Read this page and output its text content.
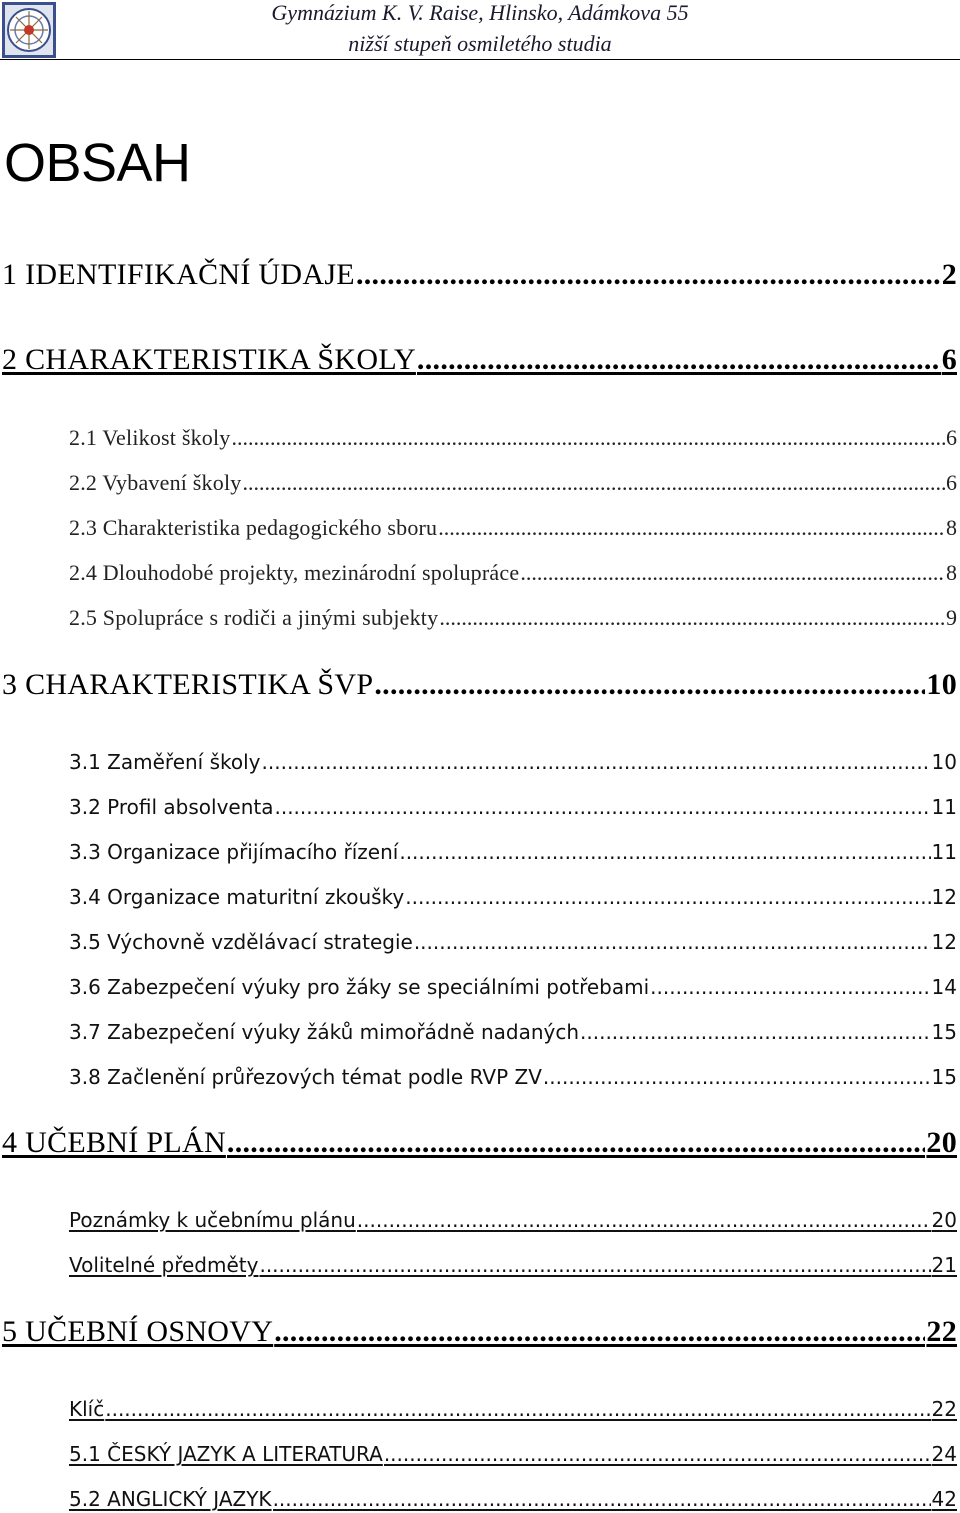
Gymnázium K. V. Raise, Hlinsko, Adámkova 55
nižší stupeň osmiletého studia
OBSAH
1 IDENTIFIKAČNÍ ÚDAJE .....	2
2 CHARAKTERISTIKA ŠKOLY .....	6
2.1 Velikost školy .....	6
2.2 Vybavení školy .....	6
2.3 Charakteristika pedagogického sboru .....	8
2.4 Dlouhodobé projekty, mezinárodní spolupráce .....	8
2.5 Spolupráce s rodiči a jinými subjekty .....	9
3 CHARAKTERISTIKA ŠVP .....	10
3.1 Zaměření školy .....	10
3.2 Profil absolventa .....	11
3.3 Organizace přijímacího řízení .....	11
3.4 Organizace maturitní zkoušky .....	12
3.5 Výchovně vzdělávací strategie .....	12
3.6 Zabezpečení výuky pro žáky se speciálními potřebami .....	14
3.7 Zabezpečení výuky žáků mimořádně nadaných .....	15
3.8 Začlenění průřezových témat podle RVP ZV .....	15
4 UČEBNÍ PLÁN .....	20
Poznámky k učebnímu plánu .....	20
Volitelné předměty .....	21
5 UČEBNÍ OSNOVY .....	22
Klíč .....	22
5.1 ČESKÝ JAZYK A LITERATURA .....	24
5.2 ANGLICKÝ JAZYK .....	42
